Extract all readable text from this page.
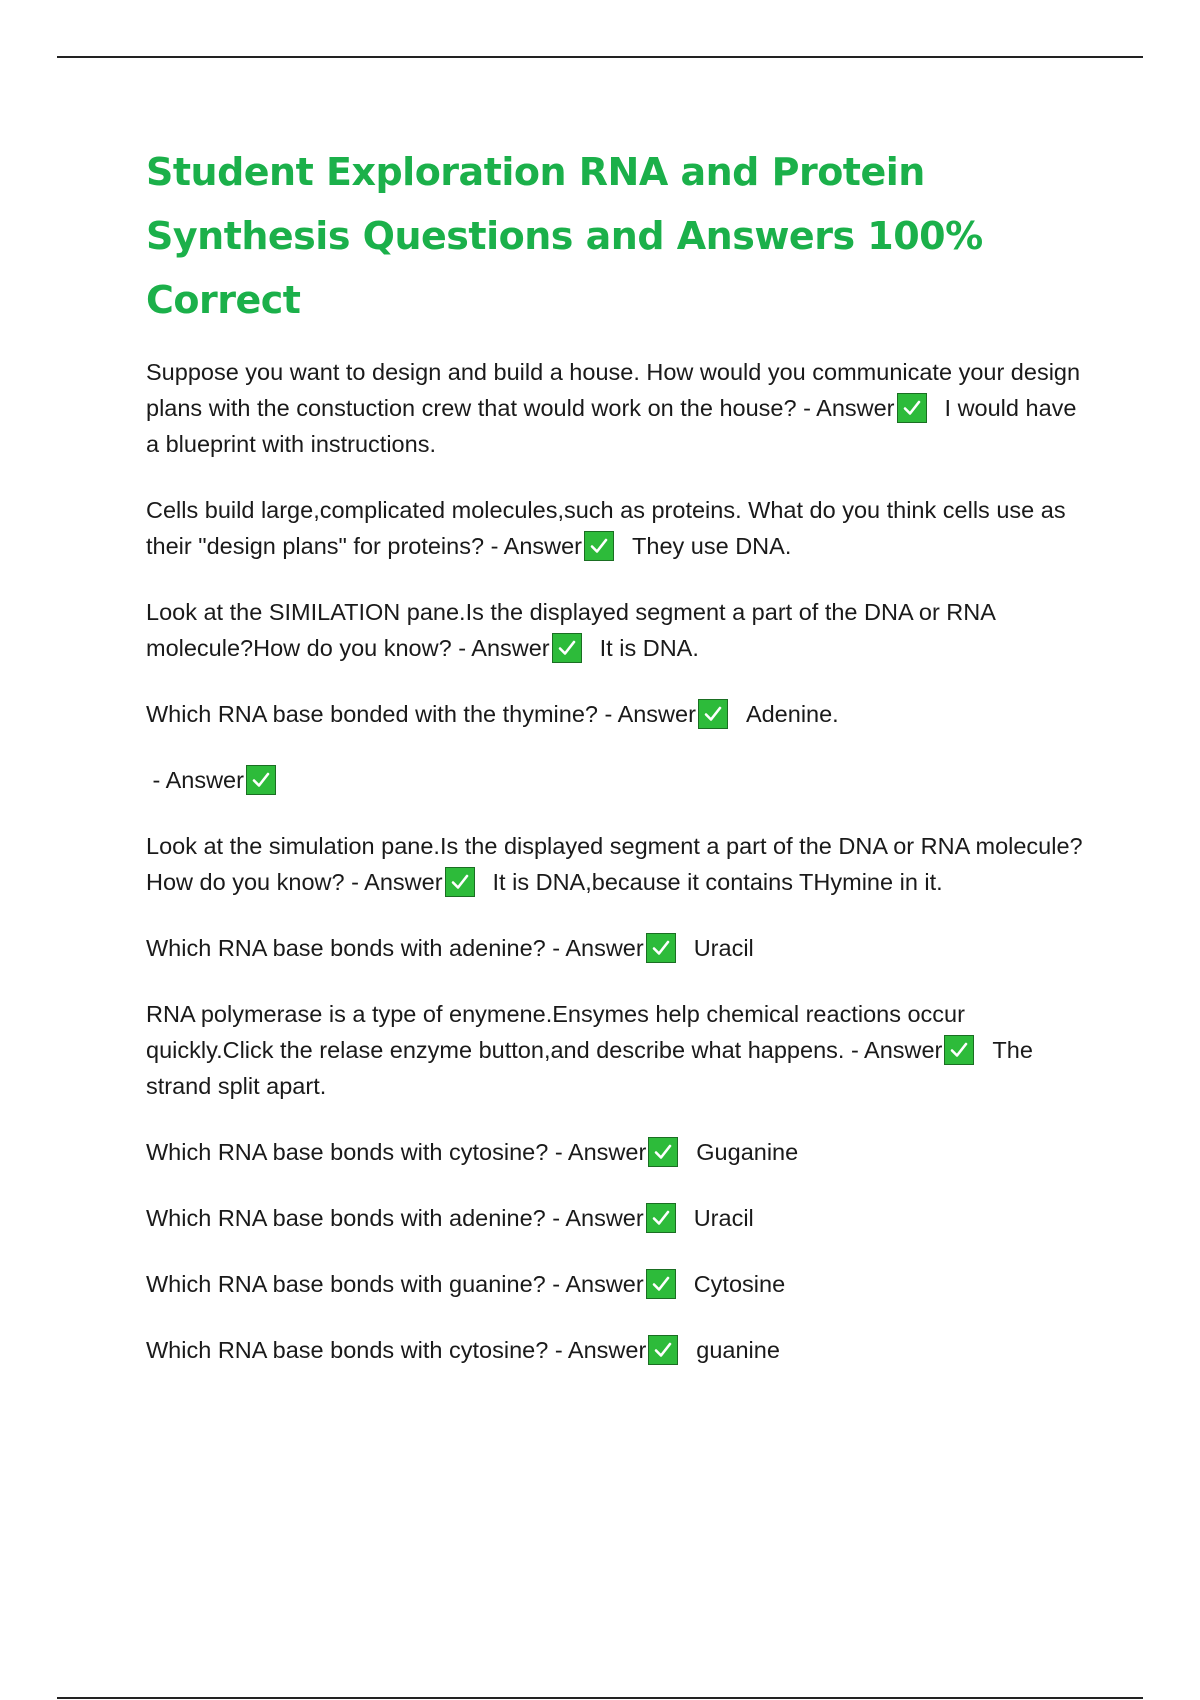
Student Exploration RNA and Protein Synthesis Questions and Answers 100% Correct

Suppose you want to design and build a house. How would you communicate your design plans with the constuction crew that would work on the house? - Answer I would have a blueprint with instructions.

Cells build large,complicated molecules,such as proteins. What do you think cells use as their "design plans" for proteins? - Answer They use DNA.

Look at the SIMILATION pane.Is the displayed segment a part of the DNA or RNA molecule?How do you know? - Answer It is DNA.

Which RNA base bonded with the thymine? - Answer Adenine.

- Answer

Look at the simulation pane.Is the displayed segment a part of the DNA or RNA molecule?How do you know? - Answer It is DNA,because it contains THymine in it.

Which RNA base bonds with adenine? - Answer Uracil

RNA polymerase is a type of enymene.Ensymes help chemical reactions occur quickly.Click the relase enzyme button,and describe what happens. - Answer The strand split apart.

Which RNA base bonds with cytosine? - Answer Guganine

Which RNA base bonds with adenine? - Answer Uracil

Which RNA base bonds with guanine? - Answer Cytosine

Which RNA base bonds with cytosine? - Answer guanine
